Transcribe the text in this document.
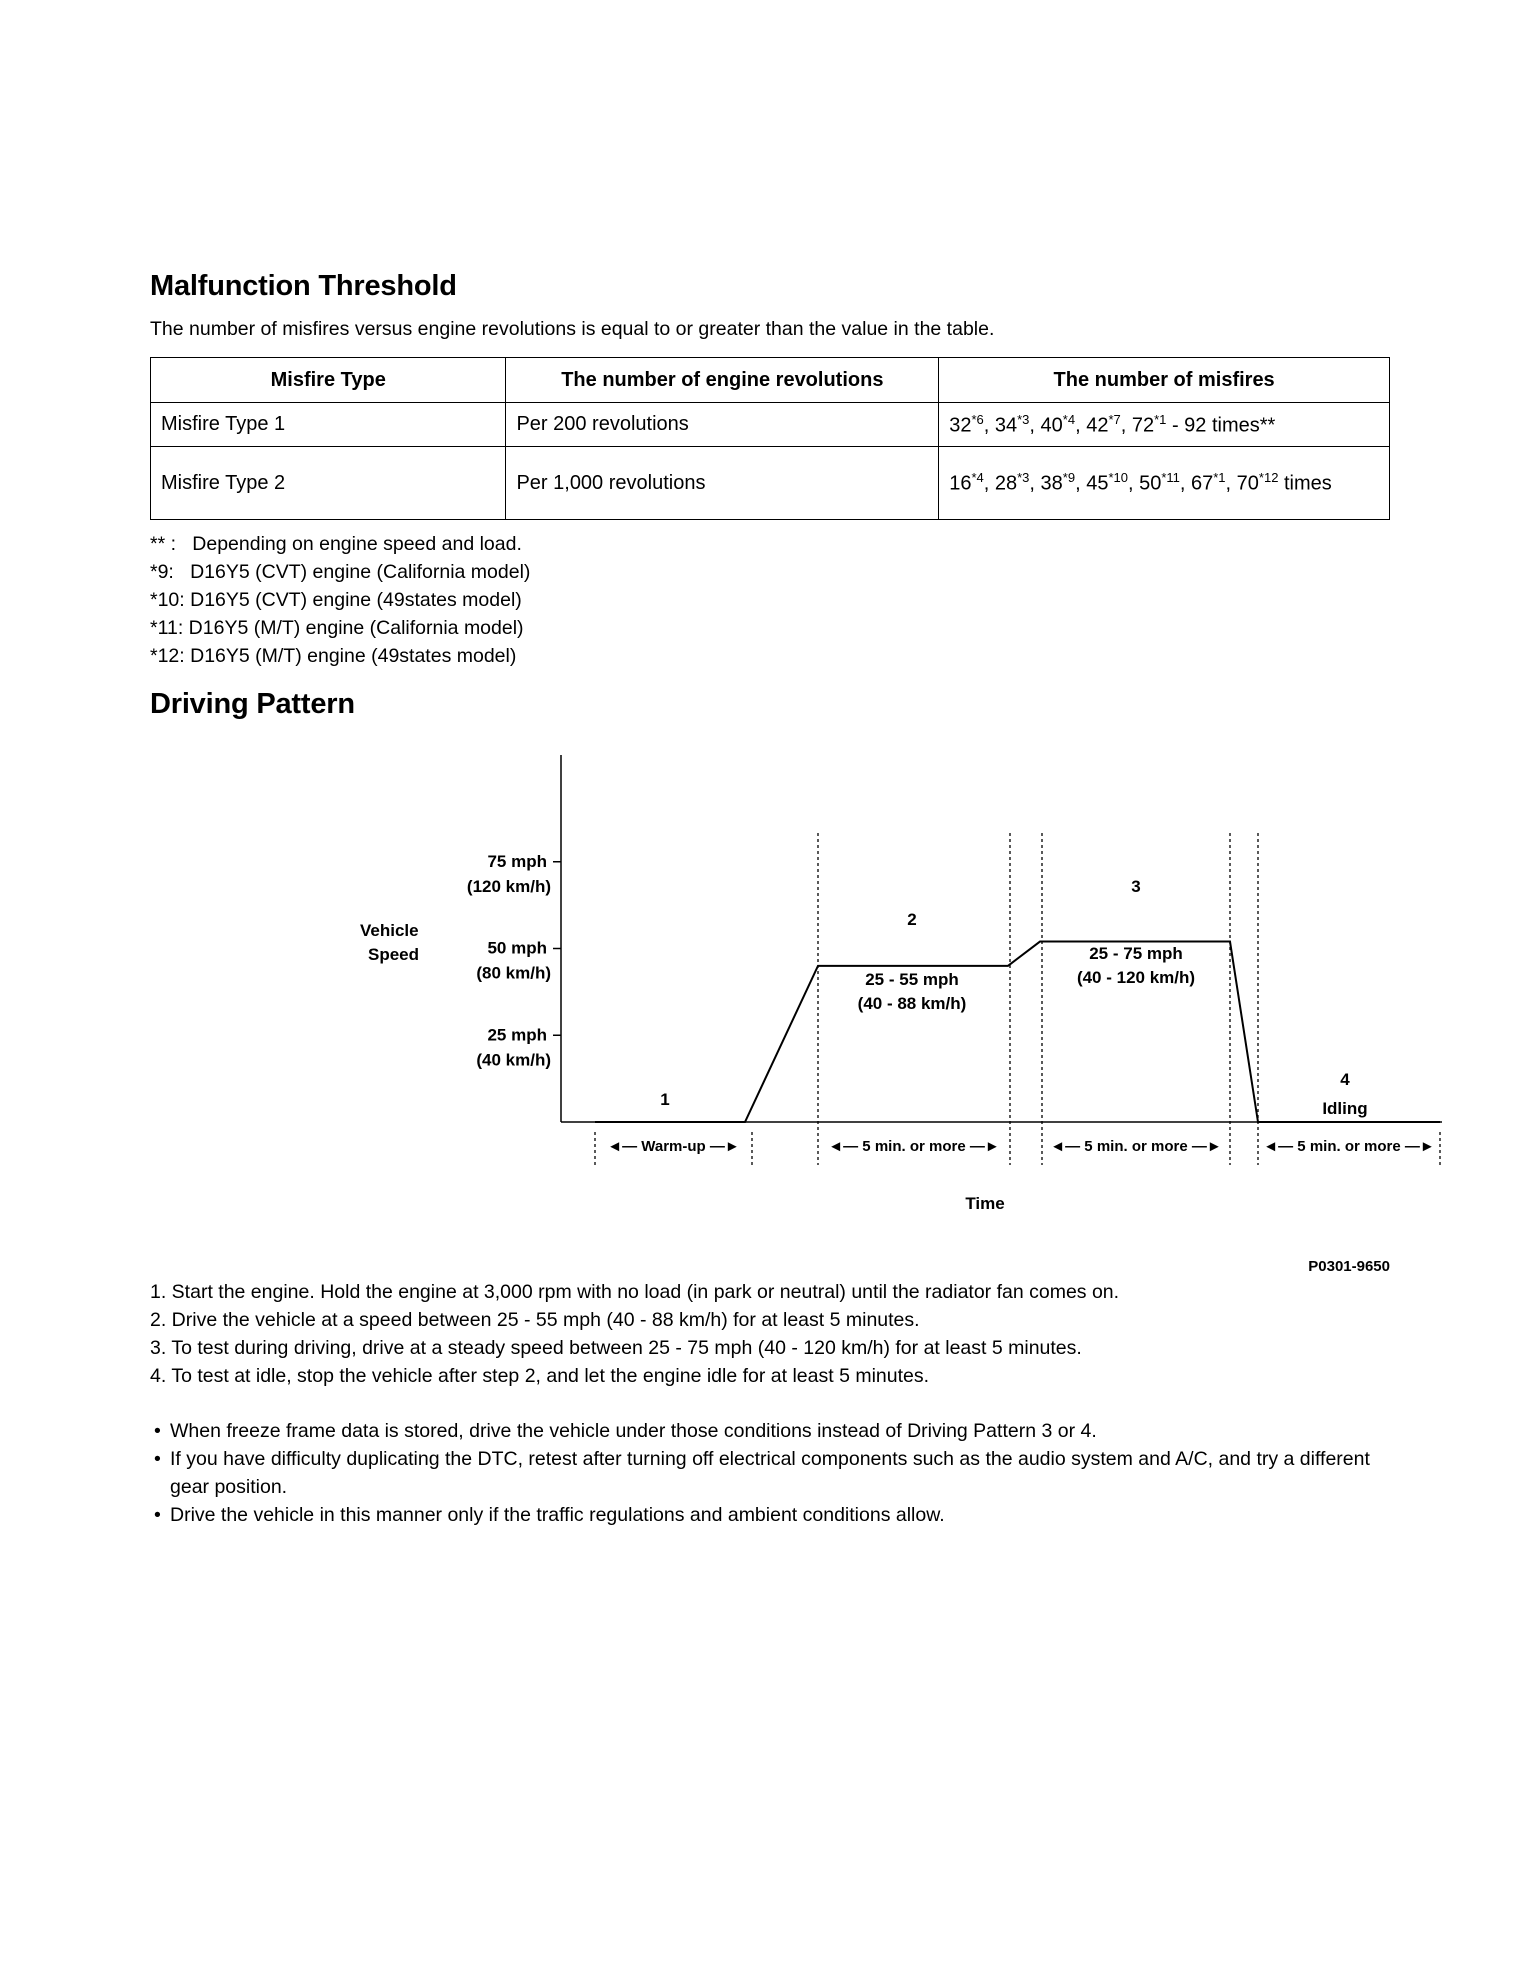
Malfunction Threshold
The number of misfires versus engine revolutions is equal to or greater than the value in the table.
Misfire Type	The number of engine revolutions	The number of misfires
Misfire Type 1	Per 200 revolutions	32$^{*6}$, 34$^{*3}$, 40$^{*4}$, 42$^{*7}$, 72$^{*1}$ - 92 times**
Misfire Type 2	Per 1,000 revolutions	16$^{*4}$, 28$^{*3}$, 38$^{*9}$, 45$^{*10}$, 50$^{*11}$, 67$^{*1}$, 70$^{*12}$ times
** :   Depending on engine speed and load.
*9:   D16Y5 (CVT) engine (California model)
*10: D16Y5 (CVT) engine (49states model)
*11: D16Y5 (M/T) engine (California model)
*12: D16Y5 (M/T) engine (49states model)
Driving Pattern
75 mph
(120 km/h)
50 mph
(80 km/h)
25 mph
(40 km/h)
Vehicle
Speed
Time
1
2
25 - 55 mph
(40 - 88 km/h)
3
25 - 75 mph
(40 - 120 km/h)
4
Idling
◄— Warm-up —►	◄— 5 min. or more —►	◄— 5 min. or more —►	◄— 5 min. or more —►
P0301-9650
1. Start the engine. Hold the engine at 3,000 rpm with no load (in park or neutral) until the radiator fan comes on.
2. Drive the vehicle at a speed between 25 - 55 mph (40 - 88 km/h) for at least 5 minutes.
3. To test during driving, drive at a steady speed between 25 - 75 mph (40 - 120 km/h) for at least 5 minutes.
4. To test at idle, stop the vehicle after step 2, and let the engine idle for at least 5 minutes.
• When freeze frame data is stored, drive the vehicle under those conditions instead of Driving Pattern 3 or 4.
• If you have difficulty duplicating the DTC, retest after turning off electrical components such as the audio system and A/C, and try a different gear position.
• Drive the vehicle in this manner only if the traffic regulations and ambient conditions allow.
